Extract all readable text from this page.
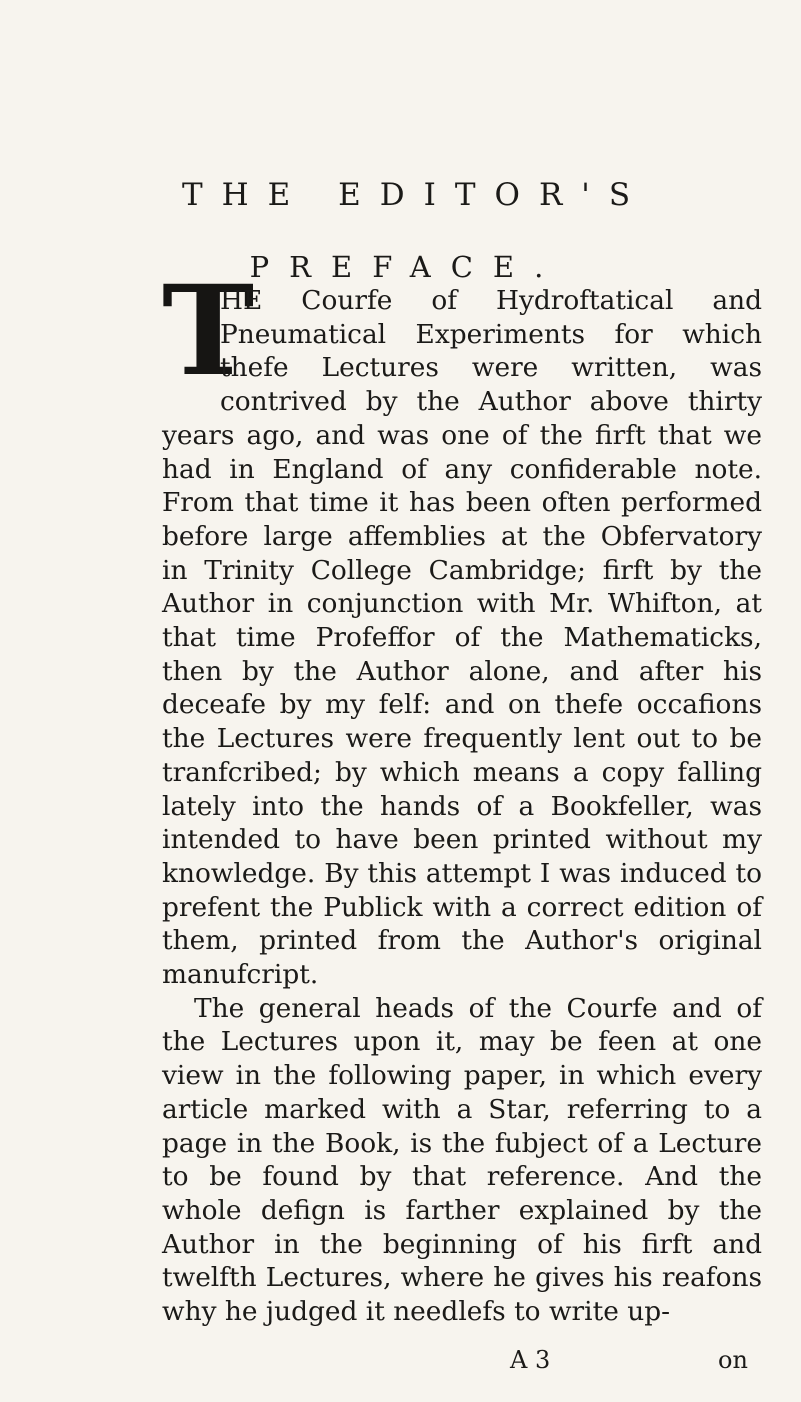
THE EDITOR'S
PREFACE.

T
HE Courfe of Hydroftatical and Pneumatical Experiments for which thefe Lectures were written, was contrived by the Author above thirty years ago, and was one of the firft that we had in England of any confiderable note. From that time it has been often performed before large affemblies at the Obfervatory in Trinity College Cambridge; firft by the Author in conjunction with Mr. Whifton, at that time Profeffor of the Mathematicks, then by the Author alone, and after his deceafe by my felf: and on thefe occafions the Lectures were frequently lent out to be tranfcribed; by which means a copy falling lately into the hands of a Bookfeller, was intended to have been printed without my knowledge. By this attempt I was induced to prefent the Publick with a correct edition of them, printed from the Author's original manufcript.

The general heads of the Courfe and of the Lectures upon it, may be feen at one view in the following paper, in which every article marked with a Star, referring to a page in the Book, is the fubject of a Lecture to be found by that reference. And the whole defign is farther explained by the Author in the beginning of his firft and twelfth Lectures, where he gives his reafons why he judged it needlefs to write up-

A 3	on
